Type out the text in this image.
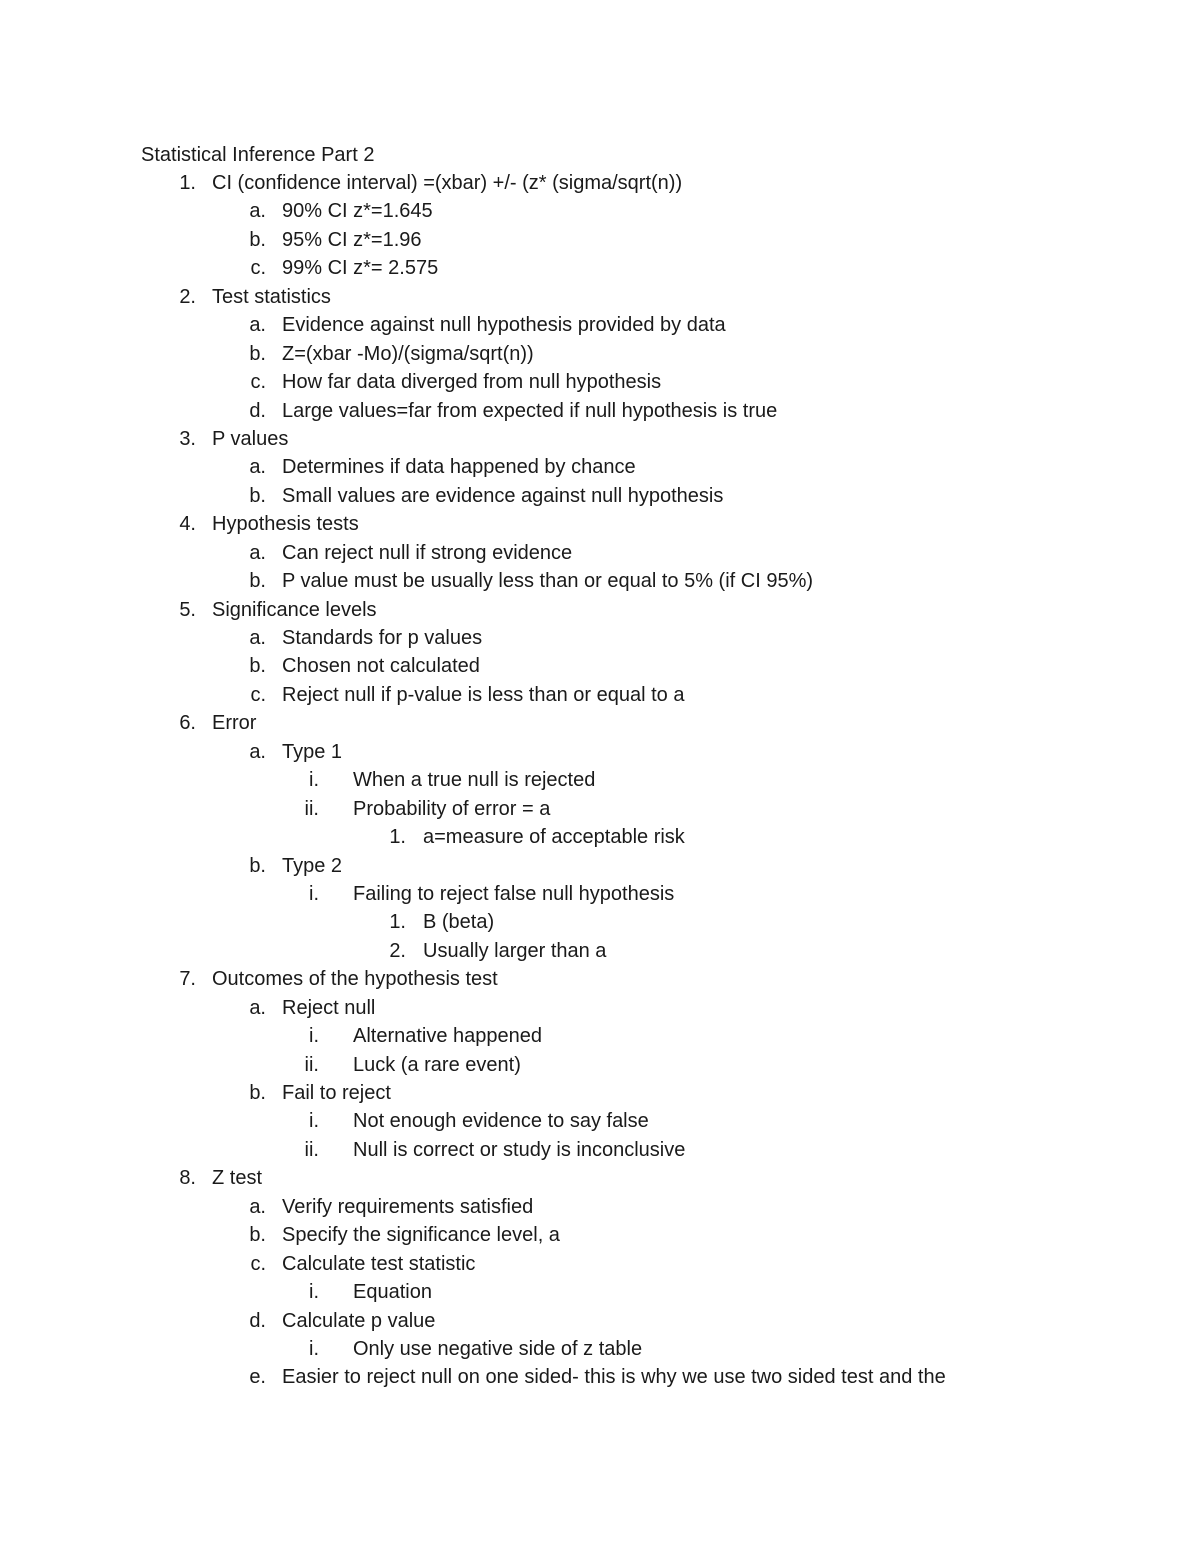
Statistical Inference Part 2
1. CI (confidence interval) =(xbar) +/- (z* (sigma/sqrt(n))
a. 90% CI z*=1.645
b. 95% CI z*=1.96
c. 99% CI z*= 2.575
2. Test statistics
a. Evidence against null hypothesis provided by data
b. Z=(xbar -Mo)/(sigma/sqrt(n))
c. How far data diverged from null hypothesis
d. Large values=far from expected if null hypothesis is true
3. P values
a. Determines if data happened by chance
b. Small values are evidence against null hypothesis
4. Hypothesis tests
a. Can reject null if strong evidence
b. P value must be usually less than or equal to 5% (if CI 95%)
5. Significance levels
a. Standards for p values
b. Chosen not calculated
c. Reject null if p-value is less than or equal to a
6. Error
a. Type 1
i. When a true null is rejected
ii. Probability of error = a
1. a=measure of acceptable risk
b. Type 2
i. Failing to reject false null hypothesis
1. B (beta)
2. Usually larger than a
7. Outcomes of the hypothesis test
a. Reject null
i. Alternative happened
ii. Luck (a rare event)
b. Fail to reject
i. Not enough evidence to say false
ii. Null is correct or study is inconclusive
8. Z test
a. Verify requirements satisfied
b. Specify the significance level, a
c. Calculate test statistic
i. Equation
d. Calculate p value
i. Only use negative side of z table
e. Easier to reject null on one sided- this is why we use two sided test and the
